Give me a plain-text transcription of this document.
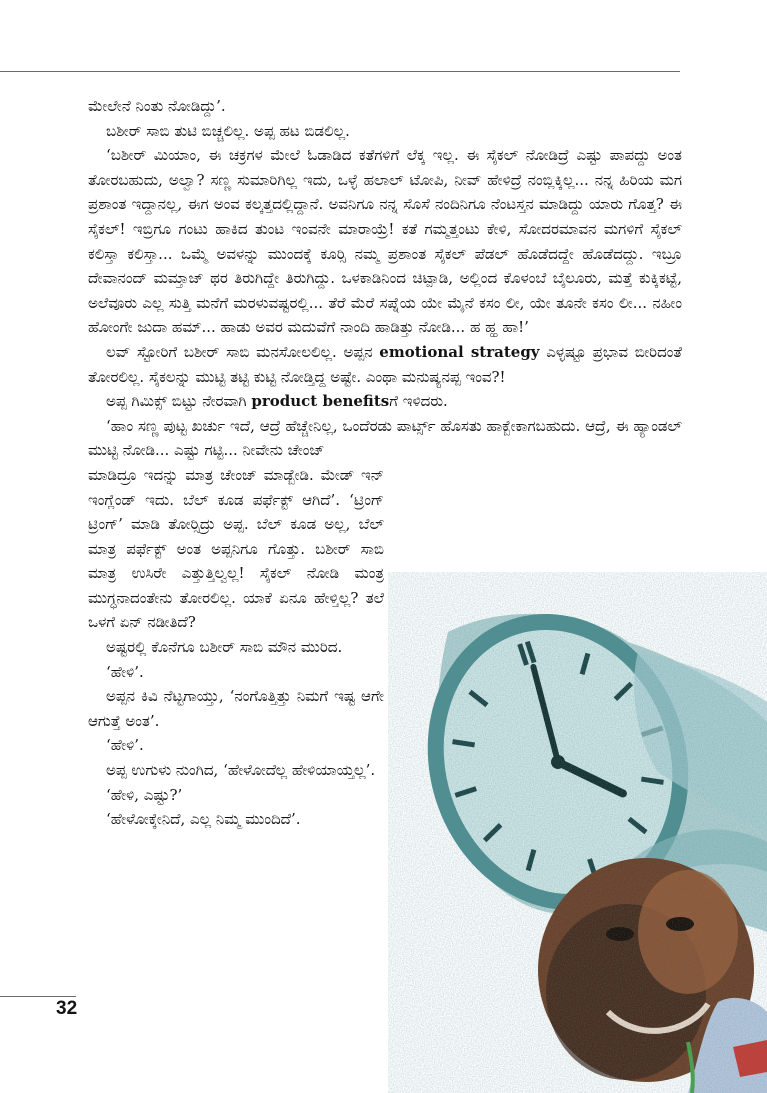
ಮೇಲೇನೆ ನಿಂತು ನೋಡಿದ್ದು’.

ಬಶೀರ್ ಸಾಬಿ ತುಟಿ ಬಿಚ್ಚಲಿಲ್ಲ. ಅಪ್ಪ ಹಟ ಬಿಡಲಿಲ್ಲ.

‘ಬಶೀರ್ ಮಿಯಾಂ, ಈ ಚಕ್ರಗಳ ಮೇಲೆ ಓಡಾಡಿದ ಕತೆಗಳಿಗೆ ಲೆಕ್ಕ ಇಲ್ಲ. ಈ ಸೈಕಲ್ ನೋಡಿದ್ರೆ ಎಷ್ಟು ಪಾಪದ್ದು ಅಂತ ತೋರಬಹುದು, ಅಲ್ವಾ? ಸಣ್ಣ ಸುಮಾರಿಗಿಲ್ಲ ಇದು, ಒಳ್ಳೆ ಹಲಾಲ್ ಟೋಪಿ, ನೀವ್ ಹೇಳಿದ್ರೆ ನಂಬ್ಲಿಕ್ಕಿಲ್ಲ... ನನ್ನ ಹಿರಿಯ ಮಗ ಪ್ರಶಾಂತ ಇದ್ದಾನಲ್ಲ, ಈಗ ಅಂವ ಕಲ್ಕತ್ತದಲ್ಲಿದ್ದಾನೆ. ಅವನಿಗೂ ನನ್ನ ಸೊಸೆ ನಂದಿನಿಗೂ ನೆಂಟಸ್ತನ ಮಾಡಿದ್ದು ಯಾರು ಗೊತ್ತ? ಈ ಸೈಕಲ್! ಇಬ್ರಿಗೂ ಗಂಟು ಹಾಕಿದ ತುಂಟ ಇಂವನೇ ಮಾರಾಯ್ರೆ! ಕತೆ ಗಮ್ಮತ್ತಂಟು ಕೇಳಿ, ಸೋದರಮಾವನ ಮಗಳಿಗೆ ಸೈಕಲ್ ಕಲಿಸ್ತಾ ಕಲಿಸ್ತಾ... ಒಮ್ಮೆ ಅವಳನ್ನು ಮುಂದಕ್ಕೆ ಕೂರ್‍ಸಿ ನಮ್ಮ ಪ್ರಶಾಂತ ಸೈಕಲ್ ಪೆಡಲ್ ಹೊಡೆದದ್ದೇ ಹೊಡೆದದ್ದು. ಇಬ್ರೂ ದೇವಾನಂದ್ ಮಮ್ತಾಜ್ ಥರ ತಿರುಗಿದ್ದೇ ತಿರುಗಿದ್ದು. ಒಳಕಾಡಿನಿಂದ ಚಿಟ್ಪಾಡಿ, ಅಲ್ಲಿಂದ ಕೊಳಂಬೆ ಬೈಲೂರು, ಮತ್ತೆ ಕುಕ್ಕಿಕಟ್ಟೆ, ಅಲೆವೂರು ಎಲ್ಲ ಸುತ್ತಿ ಮನೆಗೆ ಮರಳುವಷ್ಟರಲ್ಲಿ... ತೆರೆ ಮೆರೆ ಸಪ್ನೆಯ ಯೇ ಮೈನೆ ಕಸಂ ಲೀ, ಯೇ ತೂನೇ ಕಸಂ ಲೀ... ನಹೀಂ ಹೋಂಗೇ ಜುದಾ ಹಮ್... ಹಾಡು ಅವರ ಮದುವೆಗೆ ನಾಂದಿ ಹಾಡಿತ್ತು ನೋಡಿ... ಹ ಹ್ಹ ಹಾ!’

ಲವ್ ಸ್ಟೋರಿಗೆ ಬಶೀರ್ ಸಾಬಿ ಮನಸೋಲಲಿಲ್ಲ. ಅಪ್ಪನ emotional strategy ಎಳ್ಳಷ್ಟೂ ಪ್ರಭಾವ ಬೀರಿದಂತೆ ತೋರಲಿಲ್ಲ. ಸೈಕಲನ್ನು ಮುಟ್ಟಿ ತಟ್ಟಿ ಕುಟ್ಟಿ ನೋಡ್ತಿದ್ದ ಅಷ್ಟೇ. ಎಂಥಾ ಮನುಷ್ಯನಪ್ಪ ಇಂವ?!

ಅಪ್ಪ ಗಿಮಿಕ್ಸ್ ಬಿಟ್ಟು ನೇರವಾಗಿ product benefitsಗೆ ಇಳಿದರು.

‘ಹಾಂ ಸಣ್ಣ ಪುಟ್ಟ ಖರ್ಚು ಇದೆ, ಆದ್ರೆ ಹೆಚ್ಚೇನಿಲ್ಲ, ಒಂದೆರಡು ಪಾರ್ಟ್ಸ್ ಹೊಸತು ಹಾಕ್ಬೇಕಾಗಬಹುದು. ಆದ್ರೆ, ಈ ಹ್ಯಾಂಡಲ್ ಮುಟ್ಟಿ ನೋಡಿ... ಎಷ್ಟು ಗಟ್ಟಿ... ನೀವೇನು ಚೇಂಜ್

ಮಾಡಿದ್ರೂ ಇದನ್ನು ಮಾತ್ರ ಚೇಂಜ್ ಮಾಡ್ಬೇಡಿ. ಮೇಡ್ ಇನ್ ಇಂಗ್ಲೆಂಡ್ ಇದು. ಬೆಲ್ ಕೂಡ ಪರ್ಫೆಕ್ಟ್ ಆಗಿದೆ’. ‘ಟ್ರಿಂಗ್ ಟ್ರಿಂಗ್’ ಮಾಡಿ ತೋರ್‍ಸಿದ್ರು ಅಪ್ಪ. ಬೆಲ್ ಕೂಡ ಅಲ್ಲ, ಬೆಲ್ ಮಾತ್ರ ಪರ್ಫೆಕ್ಟ್ ಅಂತ ಅಪ್ಪನಿಗೂ ಗೊತ್ತು. ಬಶೀರ್ ಸಾಬಿ ಮಾತ್ರ ಉಸಿರೇ ಎತ್ತುತ್ತಿಲ್ವಲ್ಲ! ಸೈಕಲ್ ನೋಡಿ ಮಂತ್ರ ಮುಗ್ಧನಾದಂತೇನು ತೋರಲಿಲ್ಲ. ಯಾಕೆ ಏನೂ ಹೇಳ್ತಿಲ್ಲ? ತಲೆ ಒಳಗೆ ಏನ್ ನಡೀತಿದೆ?

ಅಷ್ಟರಲ್ಲಿ ಕೊನೆಗೂ ಬಶೀರ್ ಸಾಬಿ ಮೌನ ಮುರಿದ.

‘ಹೇಳಿ’.

ಅಪ್ಪನ ಕಿವಿ ನೆಟ್ಟಗಾಯ್ತು, ‘ನಂಗೊತ್ತಿತ್ತು ನಿಮಗೆ ಇಷ್ಟ ಆಗೇ ಆಗುತ್ತೆ ಅಂತ’.

‘ಹೇಳಿ’.

ಅಪ್ಪ ಉಗುಳು ನುಂಗಿದ, ‘ಹೇಳೋದೆಲ್ಲ ಹೇಳಿಯಾಯ್ತಲ್ಲ’.

‘ಹೇಳಿ, ಎಷ್ಟು?’

‘ಹೇಳೋಕ್ಕೇನಿದೆ, ಎಲ್ಲ ನಿಮ್ಮ ಮುಂದಿದೆ’.

32
